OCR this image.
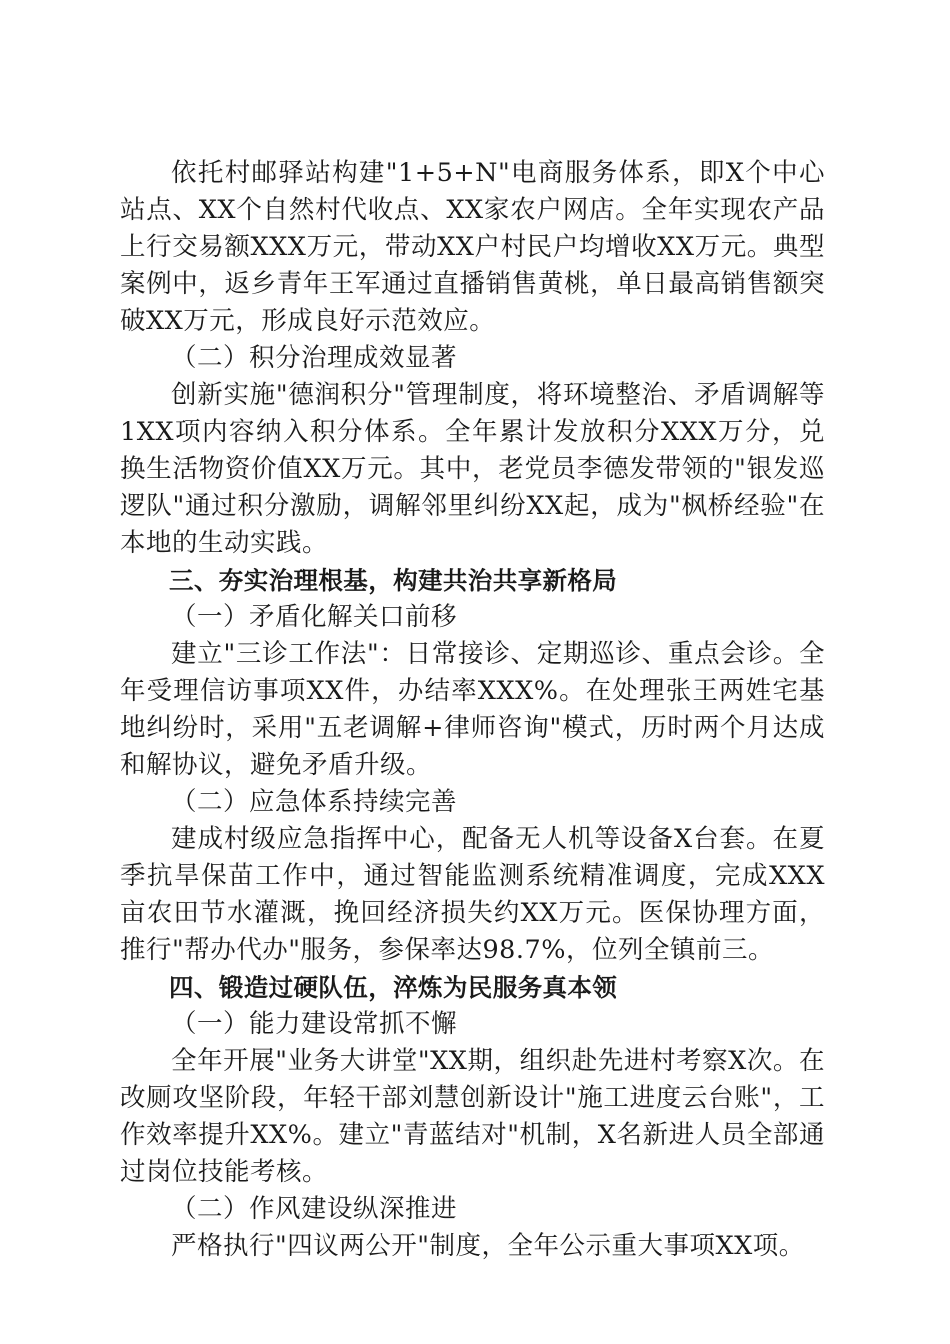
依托村邮驿站构建"1+5+N"电商服务体系，即X个中心站点、XX个自然村代收点、XX家农户网店。全年实现农产品上行交易额XXX万元，带动XX户村民户均增收XX万元。典型案例中，返乡青年王军通过直播销售黄桃，单日最高销售额突破XX万元，形成良好示范效应。

（二）积分治理成效显著

创新实施"德润积分"管理制度，将环境整治、矛盾调解等1XX项内容纳入积分体系。全年累计发放积分XXX万分，兑换生活物资价值XX万元。其中，老党员李德发带领的"银发巡逻队"通过积分激励，调解邻里纠纷XX起，成为"枫桥经验"在本地的生动实践。

三、夯实治理根基，构建共治共享新格局

（一）矛盾化解关口前移

建立"三诊工作法"：日常接诊、定期巡诊、重点会诊。全年受理信访事项XX件，办结率XXX%。在处理张王两姓宅基地纠纷时，采用"五老调解+律师咨询"模式，历时两个月达成和解协议，避免矛盾升级。

（二）应急体系持续完善

建成村级应急指挥中心，配备无人机等设备X台套。在夏季抗旱保苗工作中，通过智能监测系统精准调度，完成XXX亩农田节水灌溉，挽回经济损失约XX万元。医保协理方面，推行"帮办代办"服务，参保率达98.7%，位列全镇前三。

四、锻造过硬队伍，淬炼为民服务真本领

（一）能力建设常抓不懈

全年开展"业务大讲堂"XX期，组织赴先进村考察X次。在改厕攻坚阶段，年轻干部刘慧创新设计"施工进度云台账"，工作效率提升XX%。建立"青蓝结对"机制，X名新进人员全部通过岗位技能考核。

（二）作风建设纵深推进

严格执行"四议两公开"制度，全年公示重大事项XX项。
